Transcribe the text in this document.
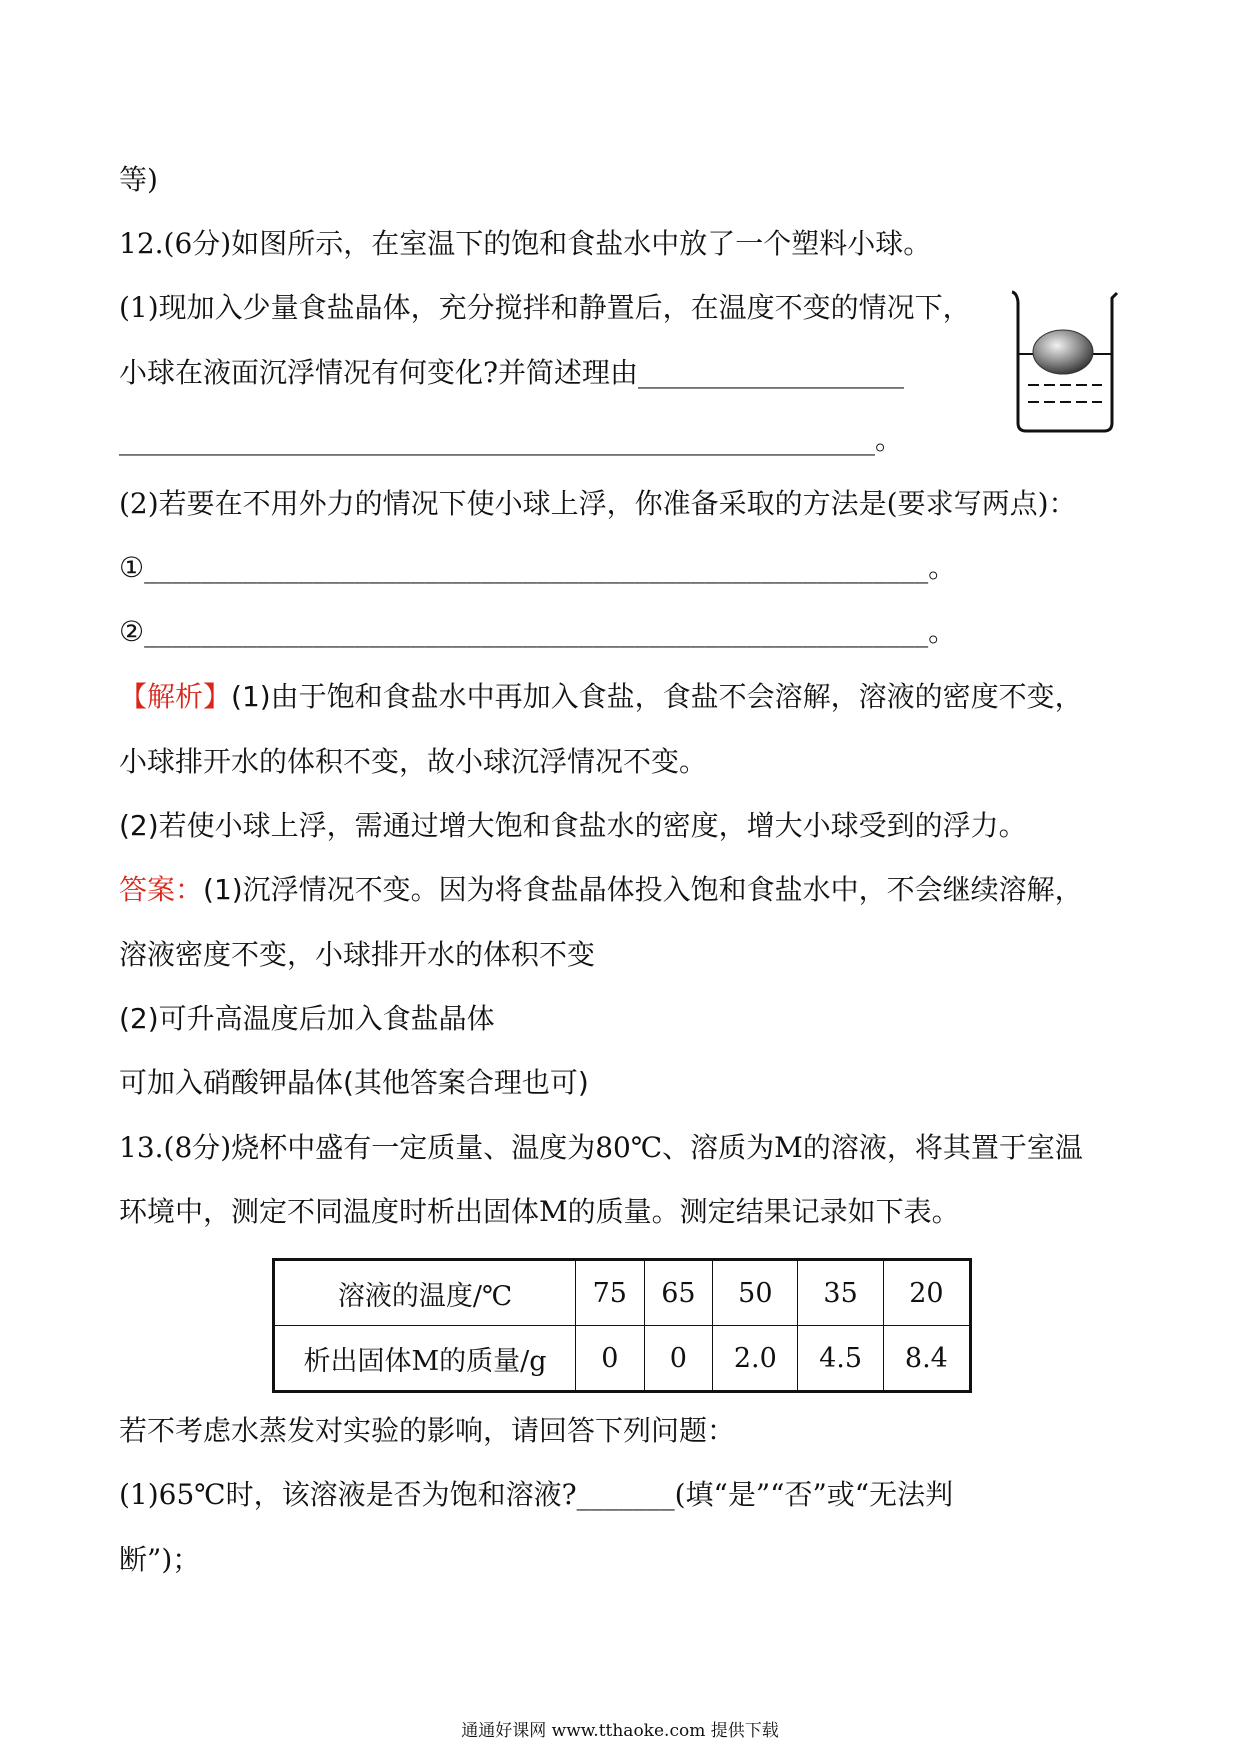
等)
12.(6分)如图所示，在室温下的饱和食盐水中放了一个塑料小球。
(1)现加入少量食盐晶体，充分搅拌和静置后，在温度不变的情况下，
小球在液面沉浮情况有何变化?并简述理由___________________
______________________________________________________。
(2)若要在不用外力的情况下使小球上浮，你准备采取的方法是(要求写两点)：
①________________________________________________________。
②________________________________________________________。
【解析】(1)由于饱和食盐水中再加入食盐，食盐不会溶解，溶液的密度不变，
小球排开水的体积不变，故小球沉浮情况不变。
(2)若使小球上浮，需通过增大饱和食盐水的密度，增大小球受到的浮力。
答案：(1)沉浮情况不变。因为将食盐晶体投入饱和食盐水中，不会继续溶解，
溶液密度不变，小球排开水的体积不变
(2)可升高温度后加入食盐晶体
可加入硝酸钾晶体(其他答案合理也可)
13.(8分)烧杯中盛有一定质量、温度为80℃、溶质为M的溶液，将其置于室温
环境中，测定不同温度时析出固体M的质量。测定结果记录如下表。
溶液的温度/℃	75	65	50	35	20
析出固体M的质量/g	0	0	2.0	4.5	8.4
若不考虑水蒸发对实验的影响，请回答下列问题：
(1)65℃时，该溶液是否为饱和溶液?_______(填“是”“否”或“无法判
断”)；
通通好课网 www.tthaoke.com 提供下载
